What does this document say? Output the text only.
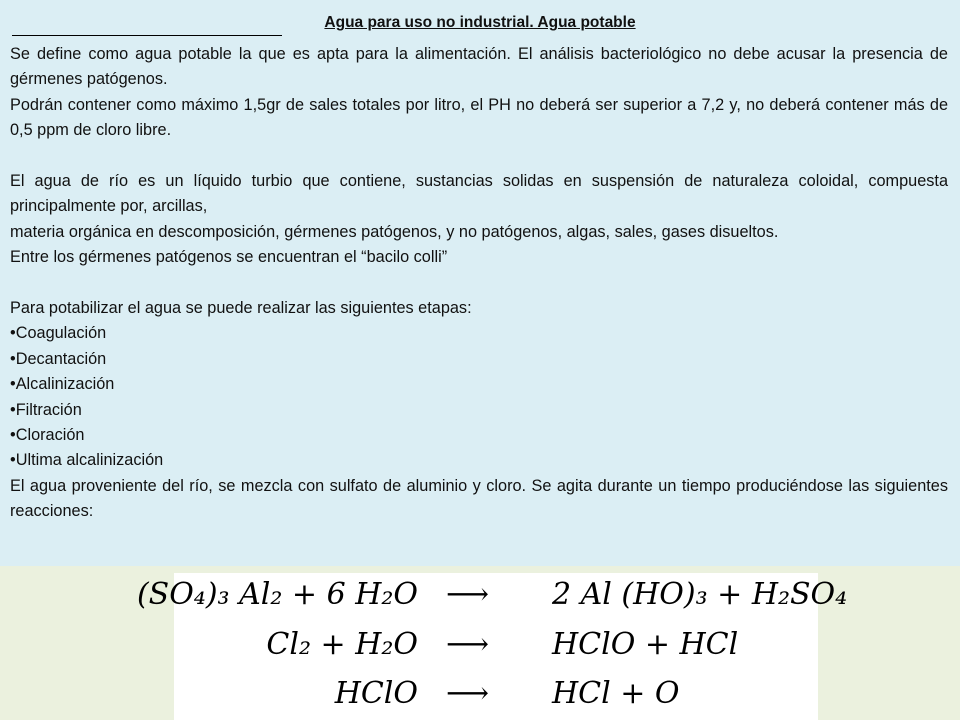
Agua para uso no industrial. Agua potable

Se define como agua potable la que es apta para la alimentación. El análisis bacteriológico no debe acusar la presencia de gérmenes patógenos.

Podrán contener como máximo 1,5gr de sales totales por litro, el PH no deberá ser superior a 7,2 y, no deberá contener más de 0,5 ppm de cloro libre.

El agua de río es un líquido turbio que contiene, sustancias solidas en suspensión de naturaleza coloidal, compuesta principalmente por, arcillas,

materia orgánica en descomposición, gérmenes patógenos, y no patógenos, algas, sales, gases disueltos.

Entre los gérmenes patógenos se encuentran el “bacilo colli”

Para potabilizar el agua se puede realizar las siguientes etapas:

•Coagulación
•Decantación
•Alcalinización
•Filtración
•Cloración
•Ultima alcalinización

El agua proveniente del río, se mezcla con sulfato de aluminio y cloro. Se agita durante un tiempo produciéndose las siguientes reacciones:

(SO₄)₃ Al₂ + 6 H₂O ⟶ 2 Al (HO)₃ + H₂SO₄
Cl₂ + H₂O ⟶ HClO + HCl
HClO ⟶ HCl + O
